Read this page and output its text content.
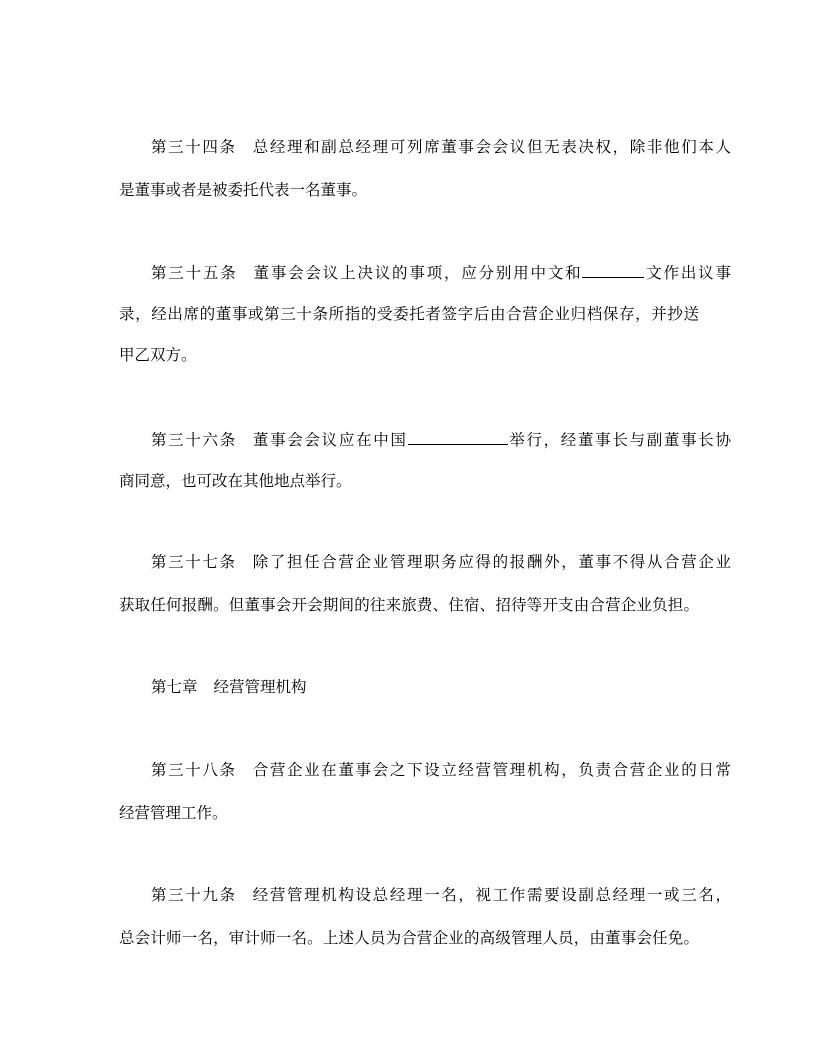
第三十四条 总经理和副总经理可列席董事会会议但无表决权，除非他们本人
是董事或者是被委托代表一名董事。
第三十五条 董事会会议上决议的事项，应分别用中文和	文作出议事
录，经出席的董事或第三十条所指的受委托者签字后由合营企业归档保存，并抄送
甲乙双方。
第三十六条 董事会会议应在中国	举行，经董事长与副董事长协
商同意，也可改在其他地点举行。
第三十七条 除了担任合营企业管理职务应得的报酬外，董事不得从合营企业
获取任何报酬。但董事会开会期间的往来旅费、住宿、招待等开支由合营企业负担。
第七章 经营管理机构
第三十八条 合营企业在董事会之下设立经营管理机构，负责合营企业的日常
经营管理工作。
第三十九条 经营管理机构设总经理一名，视工作需要设副总经理一或三名，
总会计师一名，审计师一名。上述人员为合营企业的高级管理人员，由董事会任免。
